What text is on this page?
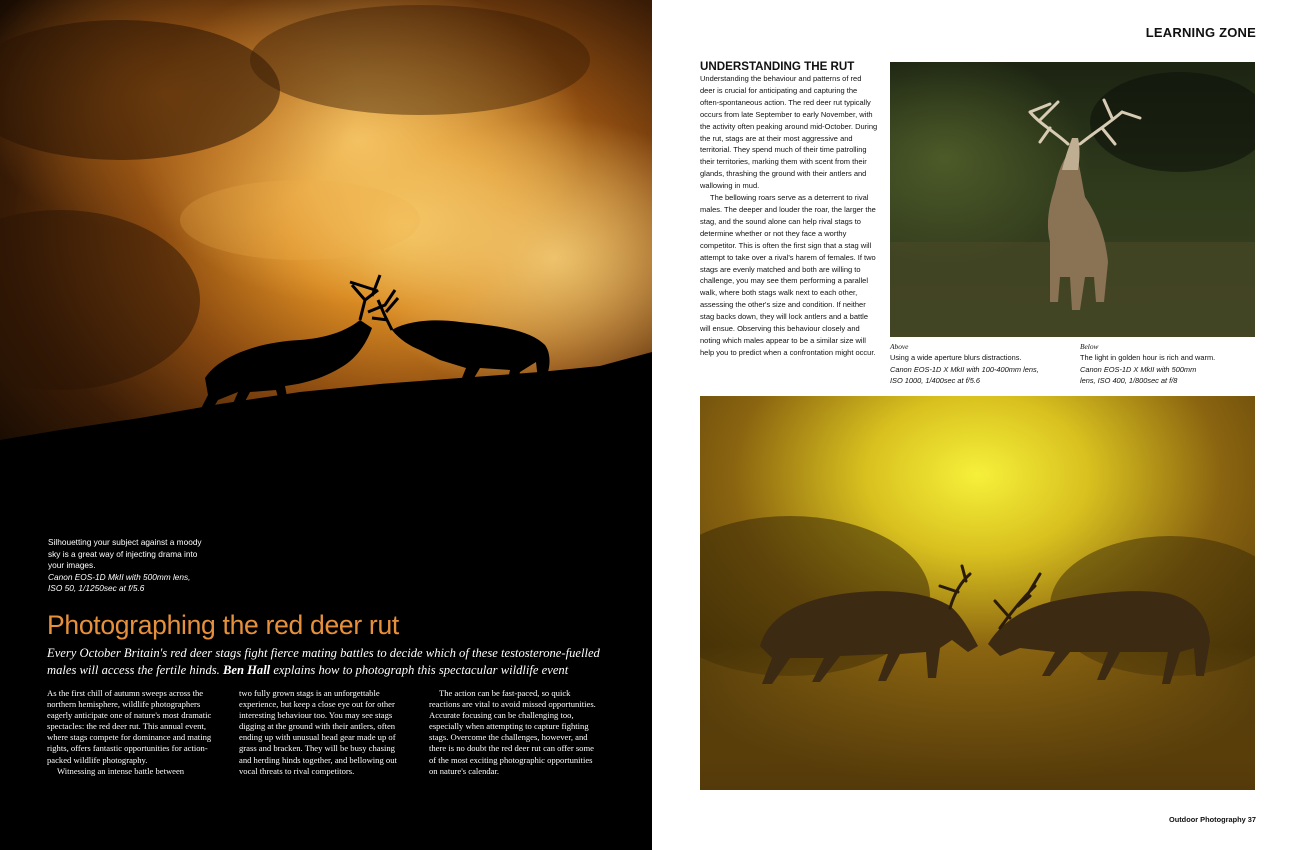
Silhouetting your subject against a moody sky is a great way of injecting drama into your images.
Canon EOS-1D MkII with 500mm lens,
ISO 50, 1/1250sec at f/5.6
Photographing the red deer rut
Every October Britain's red deer stags fight fierce mating battles to decide which of these testosterone-fuelled males will access the fertile hinds. Ben Hall explains how to photograph this spectacular wildlife event

As the first chill of autumn sweeps across the northern hemisphere, wildlife photographers eagerly anticipate one of nature's most dramatic spectacles: the red deer rut. This annual event, where stags compete for dominance and mating rights, offers fantastic opportunities for action-packed wildlife photography.

Witnessing an intense battle between

two fully grown stags is an unforgettable experience, but keep a close eye out for other interesting behaviour too. You may see stags digging at the ground with their antlers, often ending up with unusual head gear made up of grass and bracken. They will be busy chasing and herding hinds together, and bellowing out vocal threats to rival competitors.

The action can be fast-paced, so quick reactions are vital to avoid missed opportunities. Accurate focusing can be challenging too, especially when attempting to capture fighting stags. Overcome the challenges, however, and there is no doubt the red deer rut can offer some of the most exciting photographic opportunities on nature's calendar.

LEARNING ZONE
UNDERSTANDING THE RUT

Understanding the behaviour and patterns of red deer is crucial for anticipating and capturing the often-spontaneous action. The red deer rut typically occurs from late September to early November, with the activity often peaking around mid-October. During the rut, stags are at their most aggressive and territorial. They spend much of their time patrolling their territories, marking them with scent from their glands, thrashing the ground with their antlers and wallowing in mud.

The bellowing roars serve as a deterrent to rival males. The deeper and louder the roar, the larger the stag, and the sound alone can help rival stags to determine whether or not they face a worthy competitor. This is often the first sign that a stag will attempt to take over a rival's harem of females. If two stags are evenly matched and both are willing to challenge, you may see them performing a parallel walk, where both stags walk next to each other, assessing the other's size and condition. If neither stag backs down, they will lock antlers and a battle will ensue. Observing this behaviour closely and noting which males appear to be a similar size will help you to predict when a confrontation might occur.

Above
Using a wide aperture blurs distractions.
Canon EOS-1D X MkII with 100-400mm lens,
ISO 1000, 1/400sec at f/5.6
Below
The light in golden hour is rich and warm.
Canon EOS-1D X MkII with 500mm
lens, ISO 400, 1/800sec at f/8
Outdoor Photography 37
